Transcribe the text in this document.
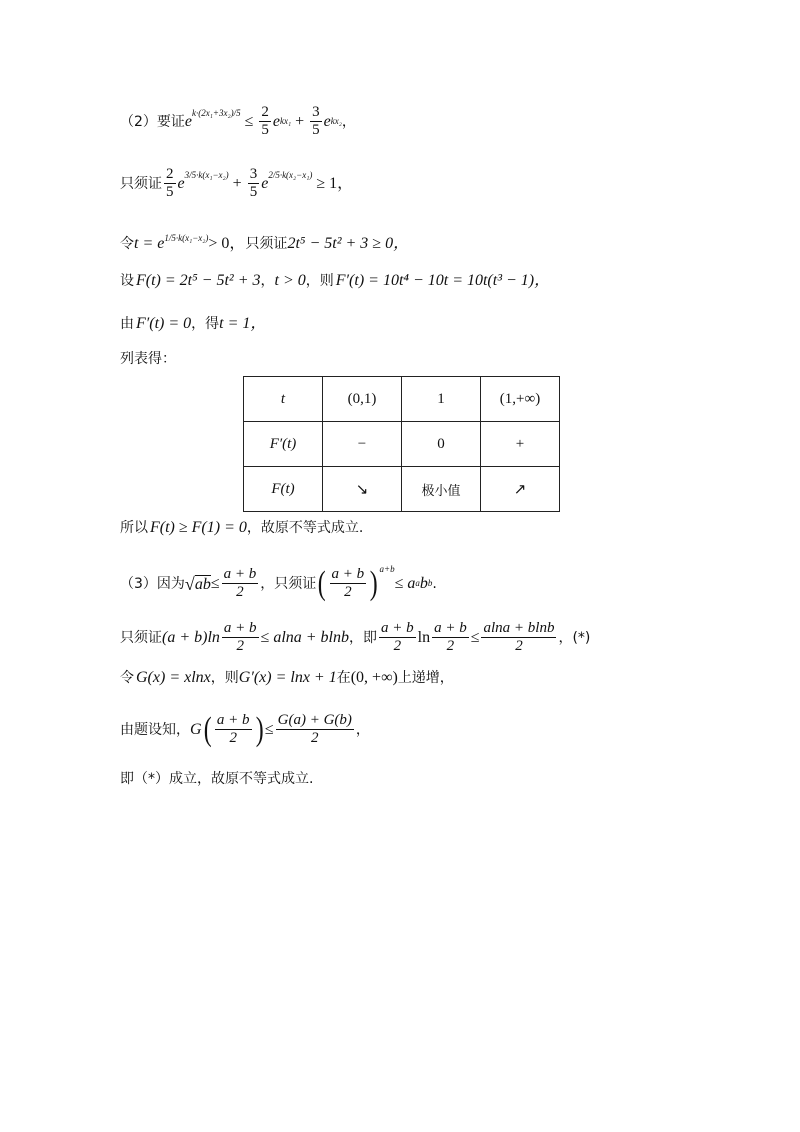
（2）要证 e $k\cdot(2x_1+3x_2)/5 \le \frac{2}{5}$ e $kx_1 + \frac{3}{5}$ e kx₂ ，
只须证 $\frac{2}{5}$ e $3/5\cdot k(x_1-x_2) + \frac{3}{5}$ e 2/5·k(x₂−x₁) ≥ 1，
令 t = e 1/5·k(x₁−x₂) > 0， 只须证 2t⁵ − 5t² + 3 ≥ 0，
设 F(t) = 2t⁵ − 5t² + 3 ， t > 0 ，则 F′(t) = 10t⁴ − 10t = 10t(t³ − 1)，
由 F′(t) = 0 ，得 t = 1，
列表得：
t	(0,1)	1	(1,+∞)
F′(t)	−	0	+
F(t)	↘	极小值	↗
所以 F(t) ≥ F(1) = 0 ，故原不等式成立.
（3）因为 √ ab ≤ $\frac{a + b}{2}$ ，只须证 ( $\frac{a + b}{2}$ ) a+b
≤ a a b b .
只须证 $(a + b)\ln \frac{a + b}{2} \le alna + blnb$ ，即 $\frac{a + b}{2}$ $\ln \frac{a + b}{2} \le \frac{alna + blnb}{2}$ ，(*)
令 G(x) = xlnx ，则 G′(x) = lnx + 1 在 (0, +∞) 上递增，
由题设知， G ( $\frac{a + b}{2}$ ) ≤ $\frac{G(a) + G(b)}{2}$ ，
即（*）成立，故原不等式成立.
